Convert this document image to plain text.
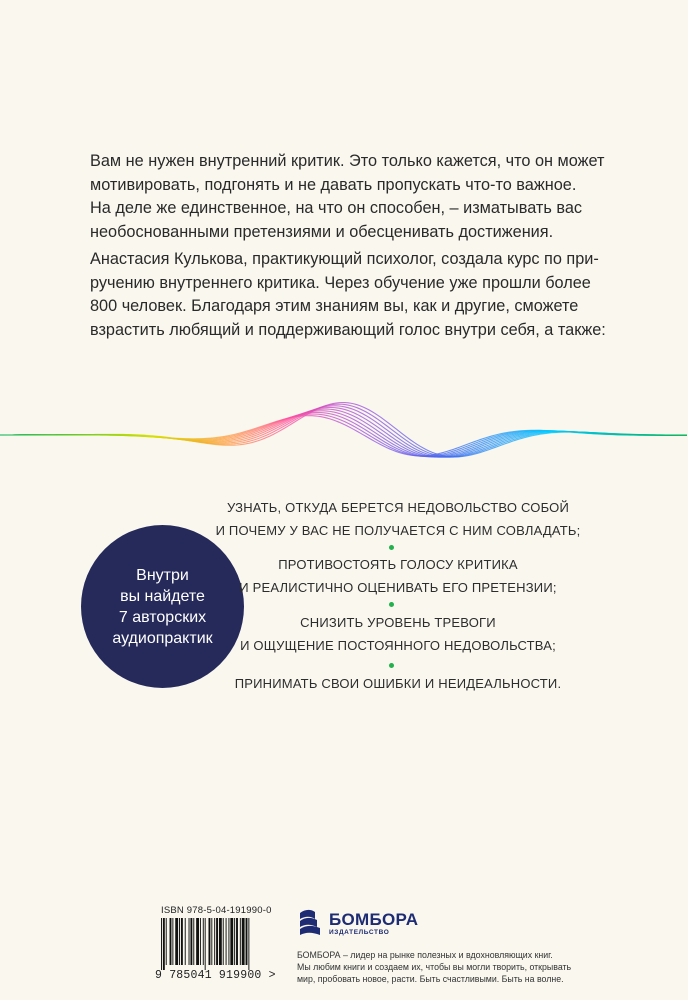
Вам не нужен внутренний критик. Это только кажется, что он может
мотивировать, подгонять и не давать пропускать что-то важное.
На деле же единственное, на что он способен, – изматывать вас
необоснованными претензиями и обесценивать достижения.
Анастасия Кулькова, практикующий психолог, создала курс по при-
ручению внутреннего критика. Через обучение уже прошли более
800 человек. Благодаря этим знаниям вы, как и другие, сможете
взрастить любящий и поддерживающий голос внутри себя, а также:
Внутри
вы найдете
7 авторских
аудиопрактик
УЗНАТЬ, ОТКУДА БЕРЕТСЯ НЕДОВОЛЬСТВО СОБОЙ
И ПОЧЕМУ У ВАС НЕ ПОЛУЧАЕТСЯ С НИМ СОВЛАДАТЬ;
ПРОТИВОСТОЯТЬ ГОЛОСУ КРИТИКА
И РЕАЛИСТИЧНО ОЦЕНИВАТЬ ЕГО ПРЕТЕНЗИИ;
СНИЗИТЬ УРОВЕНЬ ТРЕВОГИ
И ОЩУЩЕНИЕ ПОСТОЯННОГО НЕДОВОЛЬСТВА;
ПРИНИМАТЬ СВОИ ОШИБКИ И НЕИДЕАЛЬНОСТИ.
ISBN 978-5-04-191990-0
9 785041 919900 >
БОМБОРА
ИЗДАТЕЛЬСТВО
БОМБОРА – лидер на рынке полезных и вдохновляющих книг.
Мы любим книги и создаем их, чтобы вы могли творить, открывать
мир, пробовать новое, расти. Быть счастливыми. Быть на волне.
